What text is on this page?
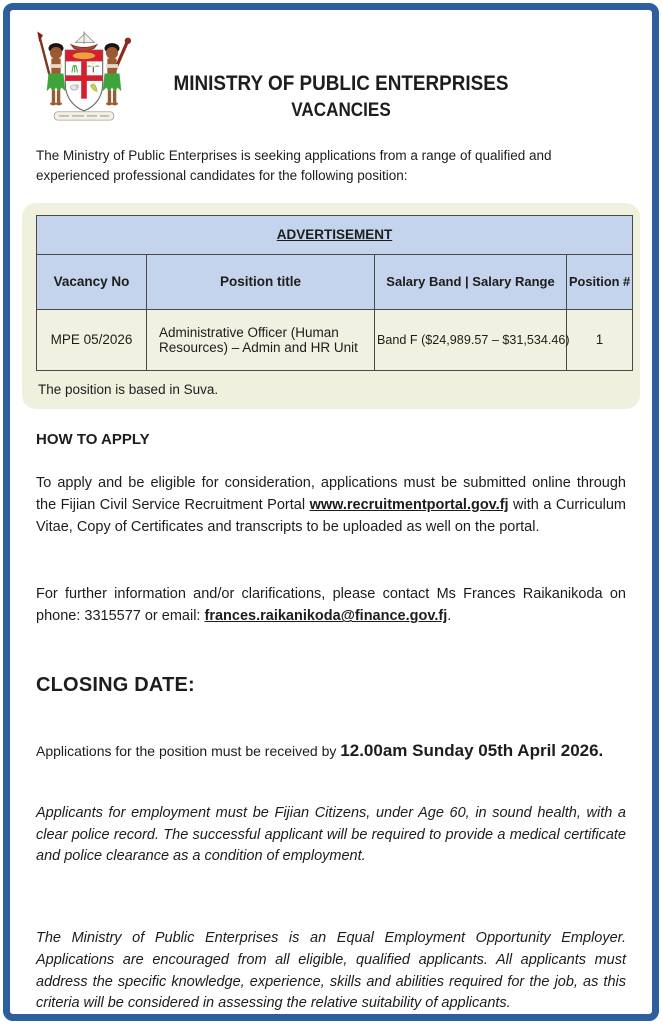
MINISTRY OF PUBLIC ENTERPRISES
VACANCIES
The Ministry of Public Enterprises is seeking applications from a range of qualified and experienced professional candidates for the following position:
ADVERTISEMENT			
Vacancy No	Position title	Salary Band | Salary Range	Position #
MPE 05/2026	Administrative Officer (Human Resources) – Admin and HR Unit	Band F ($24,989.57 – $31,534.46)	1
The position is based in Suva.
HOW TO APPLY
To apply and be eligible for consideration, applications must be submitted online through the Fijian Civil Service Recruitment Portal www.recruitmentportal.gov.fj with a Curriculum Vitae, Copy of Certificates and transcripts to be uploaded as well on the portal.
For further information and/or clarifications, please contact Ms Frances Raikanikoda on phone: 3315577 or email: frances.raikanikoda@finance.gov.fj.
CLOSING DATE:
Applications for the position must be received by 12.00am Sunday 05th April 2026.
Applicants for employment must be Fijian Citizens, under Age 60, in sound health, with a clear police record. The successful applicant will be required to provide a medical certificate and police clearance as a condition of employment.
The Ministry of Public Enterprises is an Equal Employment Opportunity Employer. Applications are encouraged from all eligible, qualified applicants. All applicants must address the specific knowledge, experience, skills and abilities required for the job, as this criteria will be considered in assessing the relative suitability of applicants.
